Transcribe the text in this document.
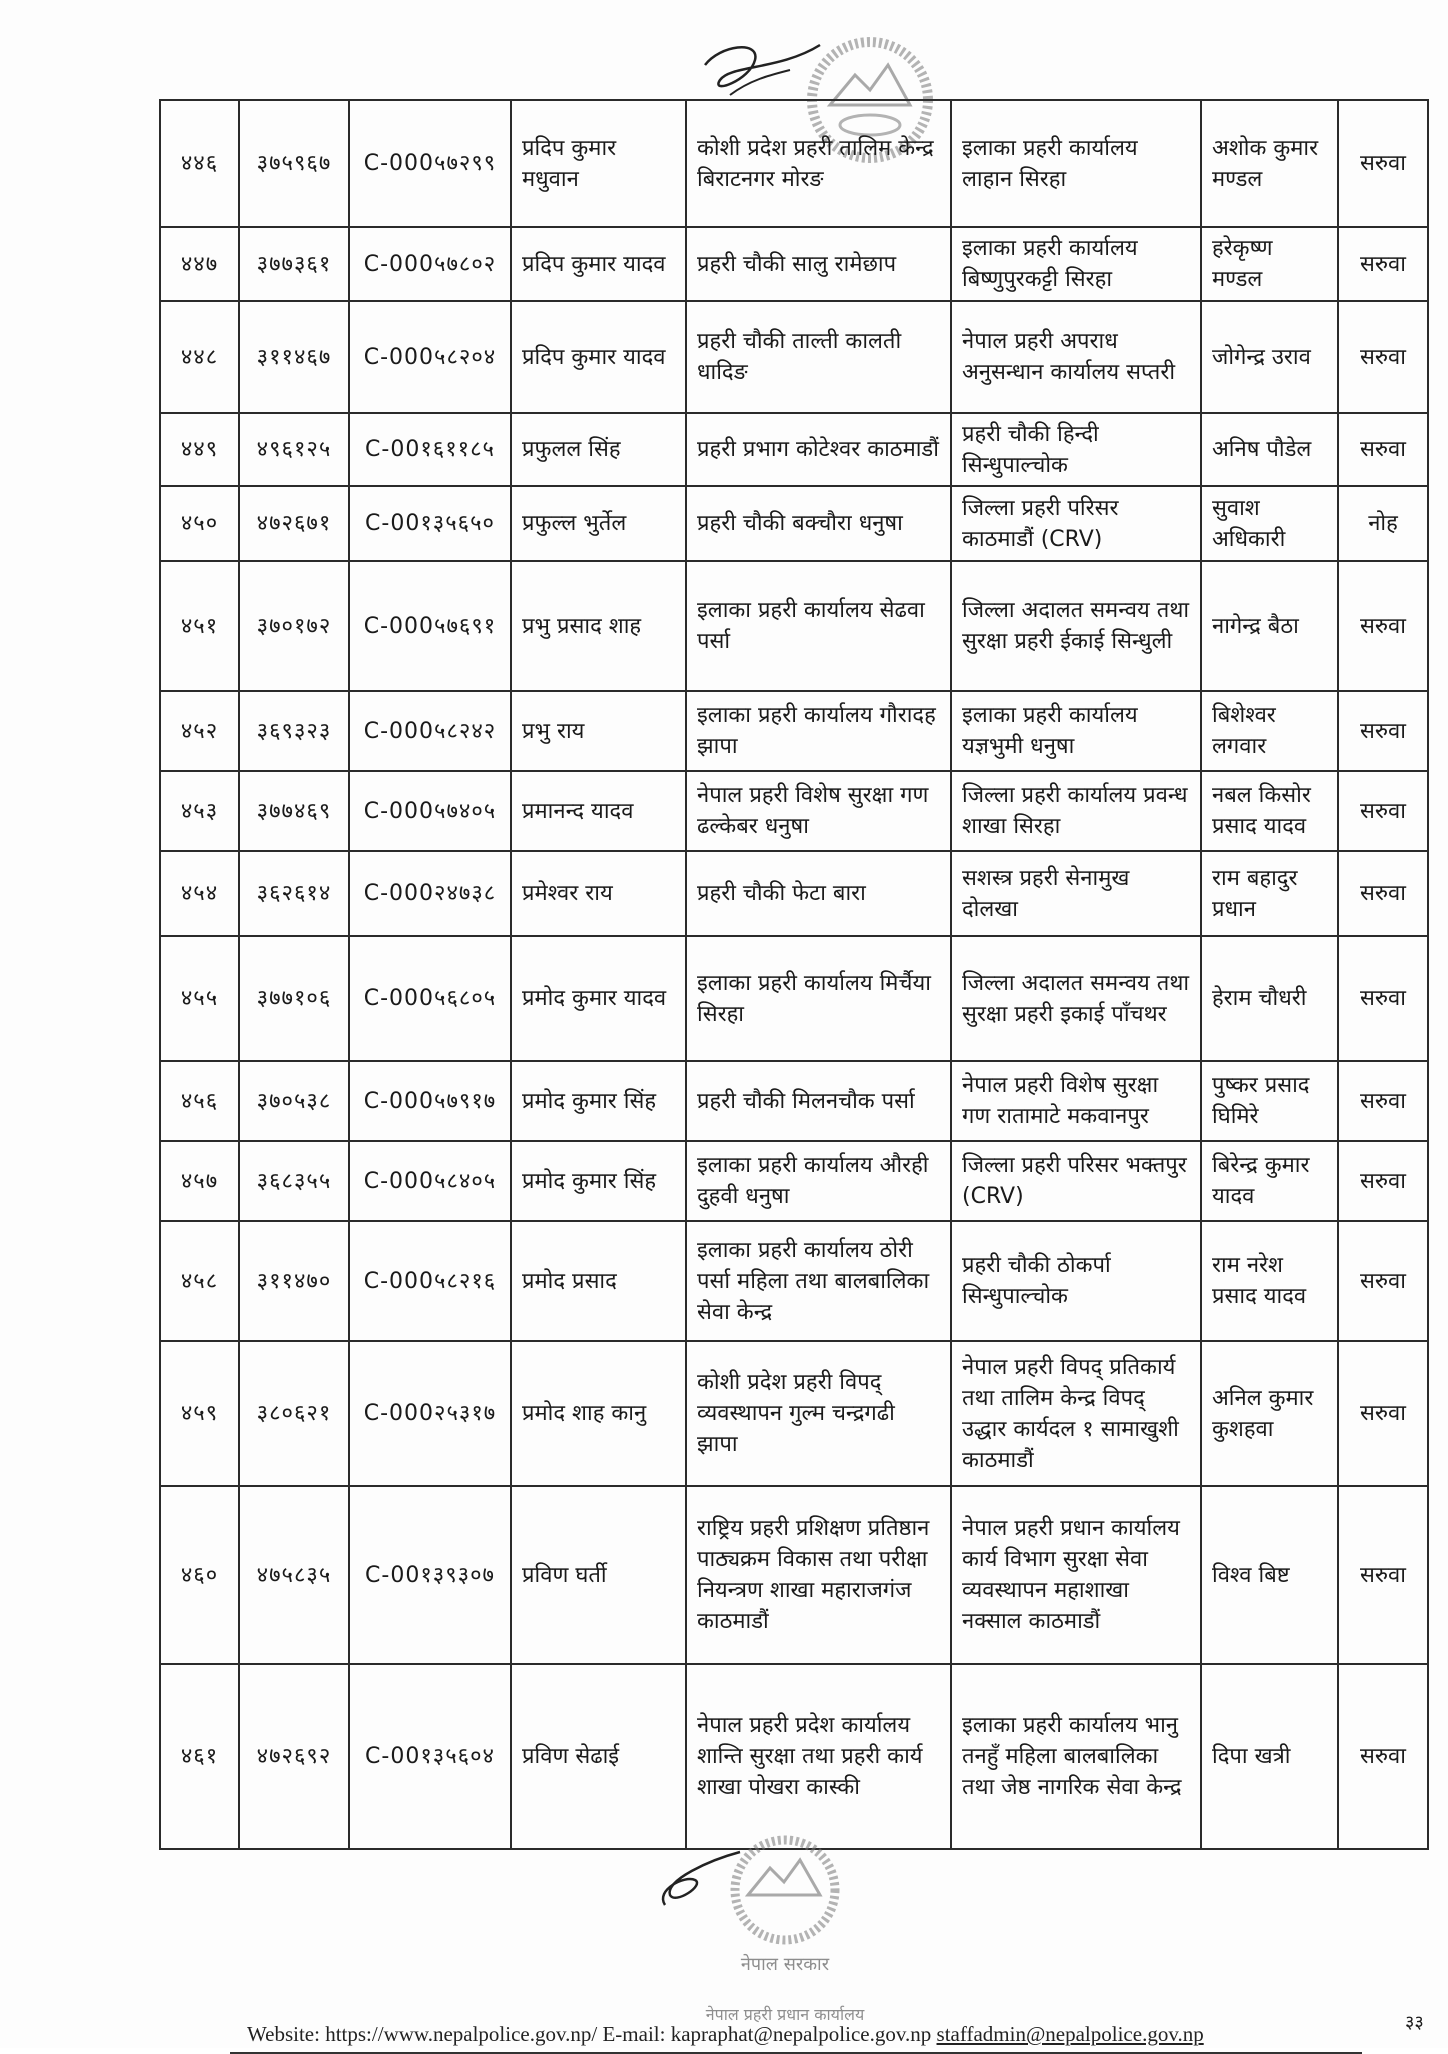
४४६	३७५९६७	C-000५७२९९	प्रदिप कुमार मधुवान	कोशी प्रदेश प्रहरी तालिम केन्द्र बिराटनगर मोरङ	इलाका प्रहरी कार्यालय लाहान सिरहा	अशोक कुमार मण्डल	सरुवा
४४७	३७७३६१	C-000५७८०२	प्रदिप कुमार यादव	प्रहरी चौकी सालु रामेछाप	इलाका प्रहरी कार्यालय बिष्णुपुरकट्टी सिरहा	हरेकृष्ण मण्डल	सरुवा
४४८	३११४६७	C-000५८२०४	प्रदिप कुमार यादव	प्रहरी चौकी ताल्ती कालती धादिङ	नेपाल प्रहरी अपराध अनुसन्धान कार्यालय सप्तरी	जोगेन्द्र उराव	सरुवा
४४९	४९६१२५	C-00१६११८५	प्रफुलल सिंह	प्रहरी प्रभाग कोटेश्वर काठमाडौं	प्रहरी चौकी हिन्दी सिन्धुपाल्चोक	अनिष पौडेल	सरुवा
४५०	४७२६७१	C-00१३५६५०	प्रफुल्ल भुर्तेल	प्रहरी चौकी बक्चौरा धनुषा	जिल्ला प्रहरी परिसर काठमाडौं (CRV)	सुवाश अधिकारी	नोह
४५१	३७०१७२	C-000५७६९१	प्रभु प्रसाद शाह	इलाका प्रहरी कार्यालय सेढवा पर्सा	जिल्ला अदालत समन्वय तथा सुरक्षा प्रहरी ईकाई सिन्धुली	नागेन्द्र बैठा	सरुवा
४५२	३६९३२३	C-000५८२४२	प्रभु राय	इलाका प्रहरी कार्यालय गौरादह झापा	इलाका प्रहरी कार्यालय यज्ञभुमी धनुषा	बिशेश्वर लगवार	सरुवा
४५३	३७७४६९	C-000५७४०५	प्रमानन्द यादव	नेपाल प्रहरी विशेष सुरक्षा गण ढल्केबर धनुषा	जिल्ला प्रहरी कार्यालय प्रवन्ध शाखा सिरहा	नबल किसोर प्रसाद यादव	सरुवा
४५४	३६२६१४	C-000२४७३८	प्रमेश्वर राय	प्रहरी चौकी फेटा बारा	सशस्त्र प्रहरी सेनामुख दोलखा	राम बहादुर प्रधान	सरुवा
४५५	३७७१०६	C-000५६८०५	प्रमोद कुमार यादव	इलाका प्रहरी कार्यालय मिर्चैया सिरहा	जिल्ला अदालत समन्वय तथा सुरक्षा प्रहरी इकाई पाँचथर	हेराम चौधरी	सरुवा
४५६	३७०५३८	C-000५७९१७	प्रमोद कुमार सिंह	प्रहरी चौकी मिलनचौक पर्सा	नेपाल प्रहरी विशेष सुरक्षा गण रातामाटे मकवानपुर	पुष्कर प्रसाद घिमिरे	सरुवा
४५७	३६८३५५	C-000५८४०५	प्रमोद कुमार सिंह	इलाका प्रहरी कार्यालय औरही दुहवी धनुषा	जिल्ला प्रहरी परिसर भक्तपुर (CRV)	बिरेन्द्र कुमार यादव	सरुवा
४५८	३११४७०	C-000५८२१६	प्रमोद प्रसाद	इलाका प्रहरी कार्यालय ठोरी पर्सा महिला तथा बालबालिका सेवा केन्द्र	प्रहरी चौकी ठोकर्पा सिन्धुपाल्चोक	राम नरेश प्रसाद यादव	सरुवा
४५९	३८०६२१	C-000२५३१७	प्रमोद शाह कानु	कोशी प्रदेश प्रहरी विपद् व्यवस्थापन गुल्म चन्द्रगढी झापा	नेपाल प्रहरी विपद् प्रतिकार्य तथा तालिम केन्द्र विपद् उद्धार कार्यदल १ सामाखुशी काठमाडौं	अनिल कुमार कुशहवा	सरुवा
४६०	४७५८३५	C-00१३९३०७	प्रविण घर्ती	राष्ट्रिय प्रहरी प्रशिक्षण प्रतिष्ठान पाठ्यक्रम विकास तथा परीक्षा नियन्त्रण शाखा महाराजगंज काठमाडौं	नेपाल प्रहरी प्रधान कार्यालय कार्य विभाग सुरक्षा सेवा व्यवस्थापन महाशाखा नक्साल काठमाडौं	विश्व बिष्ट	सरुवा
४६१	४७२६९२	C-00१३५६०४	प्रविण सेढाई	नेपाल प्रहरी प्रदेश कार्यालय शान्ति सुरक्षा तथा प्रहरी कार्य शाखा पोखरा कास्की	इलाका प्रहरी कार्यालय भानु तनहुँ महिला बालबालिका तथा जेष्ठ नागरिक सेवा केन्द्र	दिपा खत्री	सरुवा
नेपाल सरकार
नेपाल प्रहरी प्रधान कार्यालय
Website: https://www.nepalpolice.gov.np/ E-mail: kapraphat@nepalpolice.gov.np staffadmin@nepalpolice.gov.np	३३
